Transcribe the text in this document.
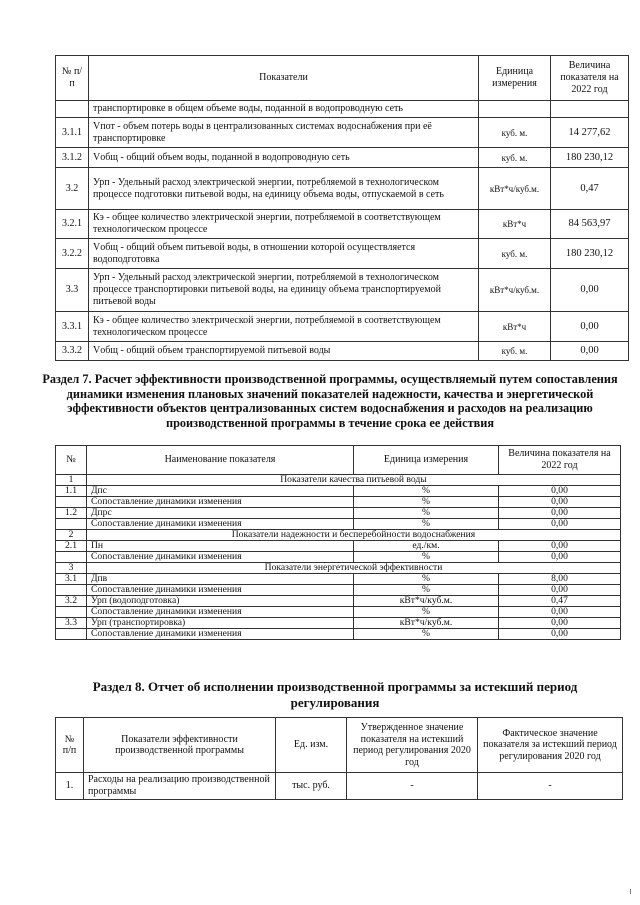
№ п/п	Показатели	Единица измерения	Величина показателя на 2022 год
	транспортировке в общем объеме воды, поданной в водопроводную сеть		
3.1.1	Vпот - объем потерь воды в централизованных системах водоснабжения при её транспортировке	куб. м.	14 277,62
3.1.2	Vобщ - общий объем воды, поданной в водопроводную сеть	куб. м.	180 230,12
3.2	Урп - Удельный расход электрической энергии, потребляемой в технологическом процессе подготовки питьевой воды, на единицу объема воды, отпускаемой в сеть	кВт*ч/куб.м.	0,47
3.2.1	Кэ - общее количество электрической энергии, потребляемой в соответствующем технологическом процессе	кВт*ч	84 563,97
3.2.2	Vобщ - общий объем питьевой воды, в отношении которой осуществляется водоподготовка	куб. м.	180 230,12
3.3	Урп - Удельный расход электрической энергии, потребляемой в технологическом процессе транспортировки питьевой воды, на единицу объема транспортируемой питьевой воды	кВт*ч/куб.м.	0,00
3.3.1	Кэ - общее количество электрической энергии, потребляемой в соответствующем технологическом процессе	кВт*ч	0,00
3.3.2	Vобщ - общий объем транспортируемой питьевой воды	куб. м.	0,00
Раздел 7. Расчет эффективности производственной программы, осуществляемый путем сопоставления динамики изменения плановых значений показателей надежности, качества и энергетической эффективности объектов централизованных систем водоснабжения и расходов на реализацию производственной программы в течение срока ее действия
№	Наименование показателя	Единица измерения	Величина показателя на 2022 год
1	Показатели качества питьевой воды		
1.1	Дпс	%	0,00
	Сопоставление динамики изменения	%	0,00
1.2	Дпрс	%	0,00
	Сопоставление динамики изменения	%	0,00
2	Показатели надежности и бесперебойности водоснабжения		
2.1	Пн	ед./км.	0,00
	Сопоставление динамики изменения	%	0,00
3	Показатели энергетической эффективности		
3.1	Дпв	%	8,00
	Сопоставление динамики изменения	%	0,00
3.2	Урп (водоподготовка)	кВт*ч/куб.м.	0,47
	Сопоставление динамики изменения	%	0,00
3.3	Урп (транспортировка)	кВт*ч/куб.м.	0,00
	Сопоставление динамики изменения	%	0,00
Раздел 8. Отчет об исполнении производственной программы за истекший период регулирования
№ п/п	Показатели эффективности производственной программы	Ед. изм.	Утвержденное значение показателя на истекший период регулирования 2020 год	Фактическое значение показателя за истекший период регулирования 2020 год
1.	Расходы на реализацию производственной программы	тыс. руб.	-	-
